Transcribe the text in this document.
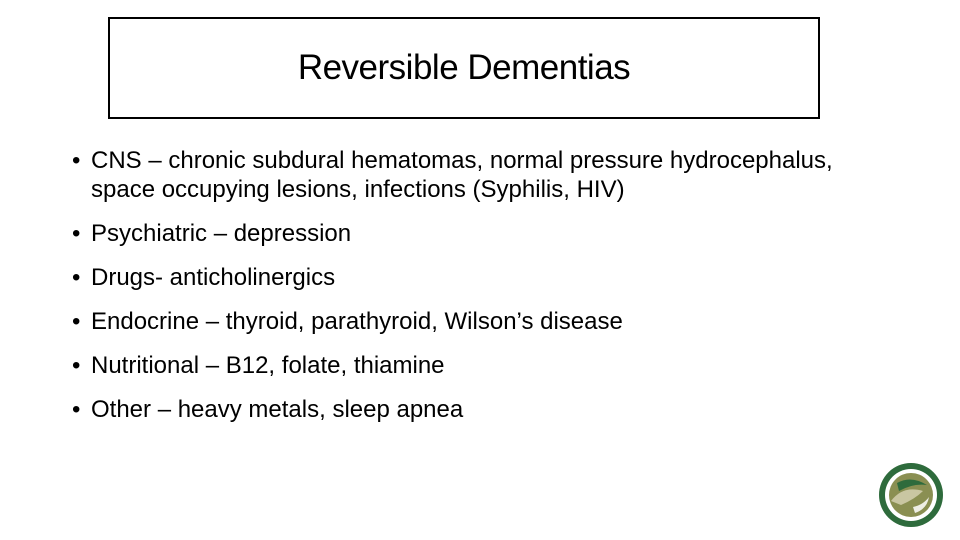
Reversible Dementias
• CNS – chronic subdural hematomas, normal pressure hydrocephalus, space occupying lesions, infections (Syphilis, HIV)
• Psychiatric – depression
• Drugs- anticholinergics
• Endocrine – thyroid, parathyroid, Wilson’s disease
• Nutritional – B12, folate, thiamine
• Other – heavy metals, sleep apnea
